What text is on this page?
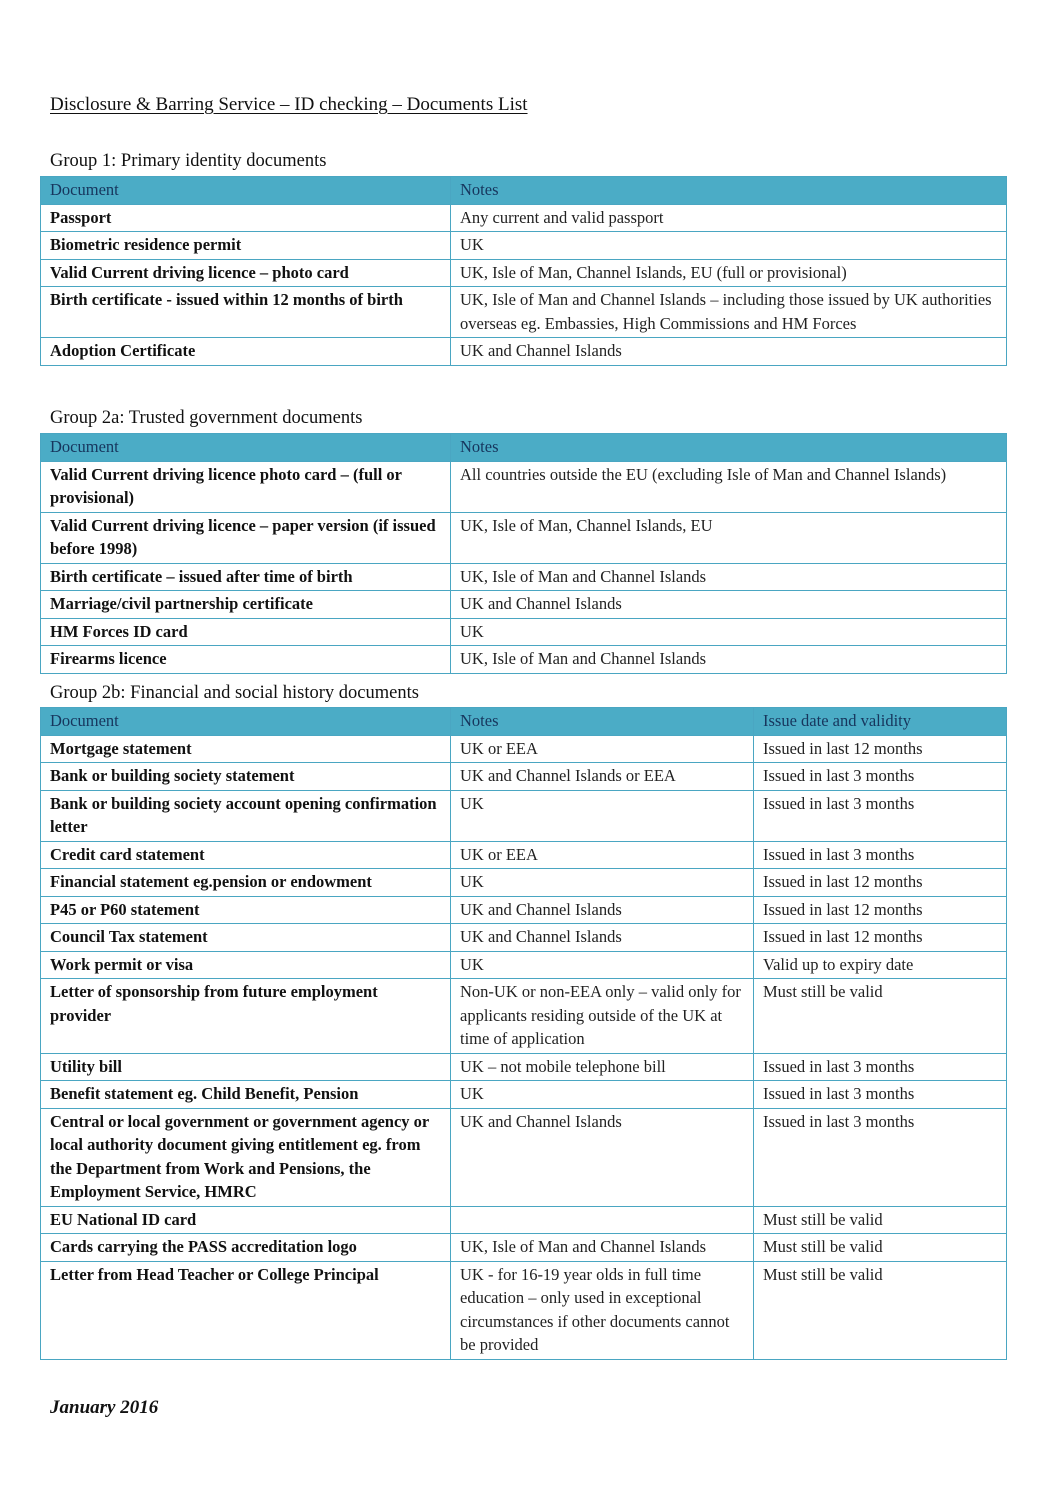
Disclosure & Barring Service – ID checking – Documents List
Group 1: Primary identity documents
Document	Notes
Passport	Any current and valid passport
Biometric residence permit	UK
Valid Current driving licence – photo card	UK, Isle of Man, Channel Islands, EU (full or provisional)
Birth certificate - issued within 12 months of birth	UK, Isle of Man and Channel Islands – including those issued by UK authorities overseas eg. Embassies, High Commissions and HM Forces
Adoption Certificate	UK and Channel Islands
Group 2a: Trusted government documents
Document	Notes
Valid Current driving licence photo card – (full or provisional)	All countries outside the EU (excluding Isle of Man and Channel Islands)
Valid Current driving licence – paper version (if issued before 1998)	UK, Isle of Man, Channel Islands, EU
Birth certificate – issued after time of birth	UK, Isle of Man and Channel Islands
Marriage/civil partnership certificate	UK and Channel Islands
HM Forces ID card	UK
Firearms licence	UK, Isle of Man and Channel Islands
Group 2b: Financial and social history documents
Document	Notes	Issue date and validity
Mortgage statement	UK or EEA	Issued in last 12 months
Bank or building society statement	UK and Channel Islands or EEA	Issued in last 3 months
Bank or building society account opening confirmation letter	UK	Issued in last 3 months
Credit card statement	UK or EEA	Issued in last 3 months
Financial statement eg.pension or endowment	UK	Issued in last 12 months
P45 or P60 statement	UK and Channel Islands	Issued in last 12 months
Council Tax statement	UK and Channel Islands	Issued in last 12 months
Work permit or visa	UK	Valid up to expiry date
Letter of sponsorship from future employment provider	Non-UK or non-EEA only – valid only for applicants residing outside of the UK at time of application	Must still be valid
Utility bill	UK – not mobile telephone bill	Issued in last 3 months
Benefit statement eg. Child Benefit, Pension	UK	Issued in last 3 months
Central or local government or government agency or local authority document giving entitlement eg. from the Department from Work and Pensions, the Employment Service, HMRC	UK and Channel Islands	Issued in last 3 months
EU National ID card		Must still be valid
Cards carrying the PASS accreditation logo	UK, Isle of Man and Channel Islands	Must still be valid
Letter from Head Teacher or College Principal	UK - for 16-19 year olds in full time education – only used in exceptional circumstances if other documents cannot be provided	Must still be valid
January 2016
